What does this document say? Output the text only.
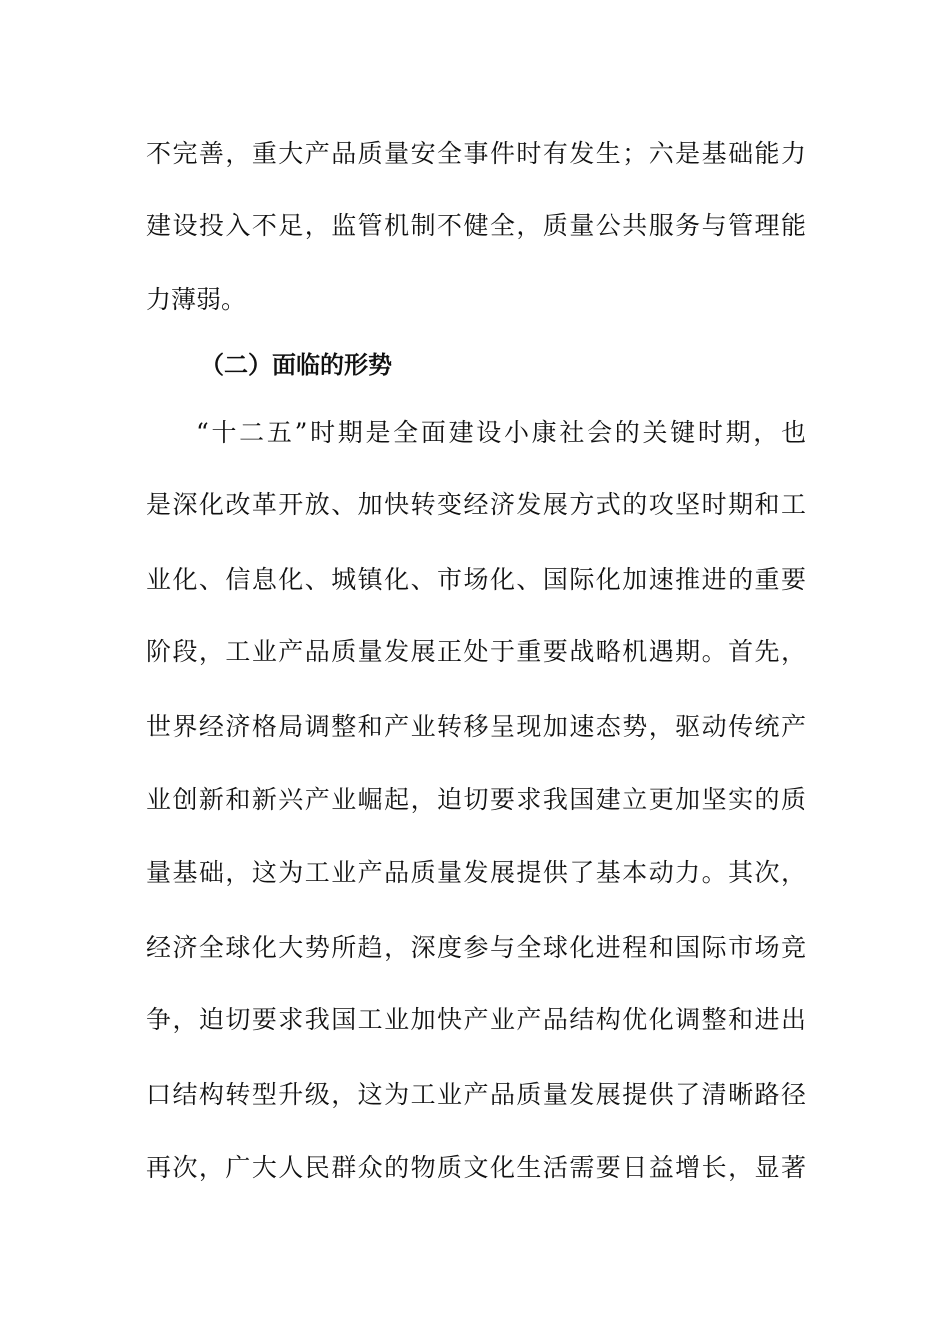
不完善，重大产品质量安全事件时有发生；六是基础能力
建设投入不足，监管机制不健全，质量公共服务与管理能
力薄弱。
（二）面临的形势
“十二五”时期是全面建设小康社会的关键时期，也
是深化改革开放、加快转变经济发展方式的攻坚时期和工
业化、信息化、城镇化、市场化、国际化加速推进的重要
阶段，工业产品质量发展正处于重要战略机遇期。首先，
世界经济格局调整和产业转移呈现加速态势，驱动传统产
业创新和新兴产业崛起，迫切要求我国建立更加坚实的质
量基础，这为工业产品质量发展提供了基本动力。其次，
经济全球化大势所趋，深度参与全球化进程和国际市场竞
争，迫切要求我国工业加快产业产品结构优化调整和进出
口结构转型升级，这为工业产品质量发展提供了清晰路径
再次，广大人民群众的物质文化生活需要日益增长，显著
